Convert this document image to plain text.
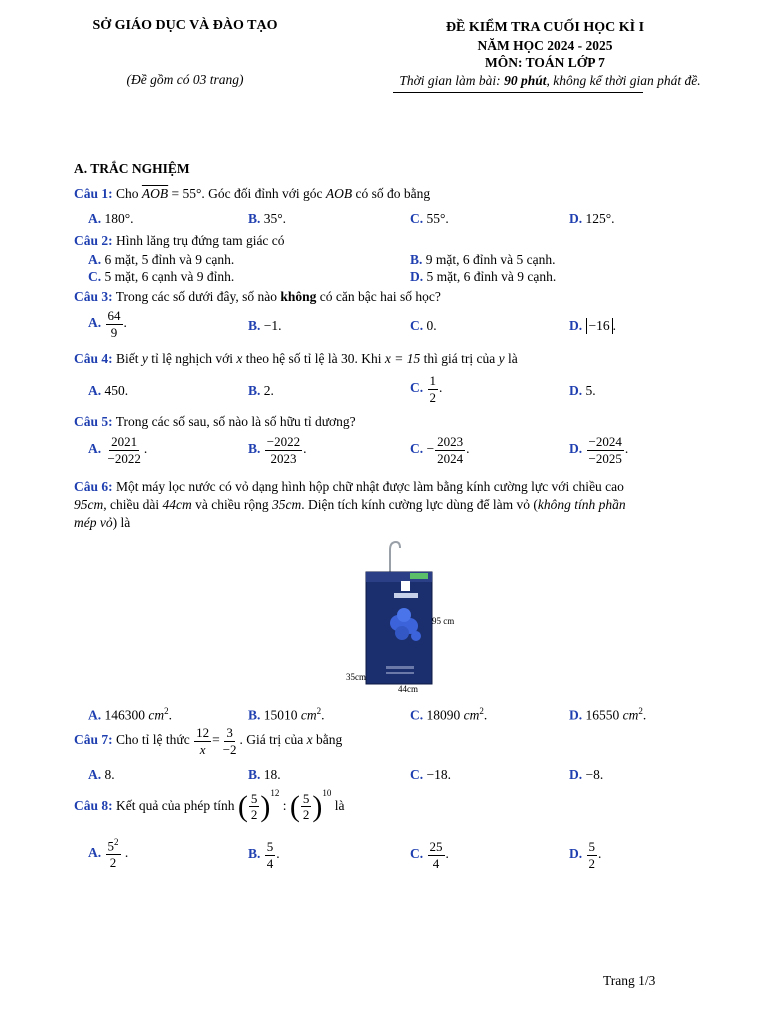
SỞ GIÁO DỤC VÀ ĐÀO TẠO
(Đề gồm có 03 trang)
ĐỀ KIỂM TRA CUỐI HỌC KÌ I
NĂM HỌC 2024 - 2025
MÔN: TOÁN LỚP 7
Thời gian làm bài: 90 phút, không kể thời gian phát đề.
A. TRẮC NGHIỆM
Câu 1: Cho $\overline{AOB} = 55^\circ$. Góc đối đỉnh với góc AOB có số đo bằng
A. 180°.	B. 35°.	C. 55°.	D. 125°.
Câu 2: Hình lăng trụ đứng tam giác có
A. 6 mặt, 5 đỉnh và 9 cạnh.	B. 9 mặt, 6 đỉnh và 5 cạnh.
C. 5 mặt, 6 cạnh và 9 đỉnh.	D. 5 mặt, 6 đỉnh và 9 cạnh.
Câu 3: Trong các số dưới đây, số nào không có căn bậc hai số học?
A. $\frac{64}{9}$ .	B. −1.	C. 0.	D. −16 .
Câu 4: Biết y tỉ lệ nghịch với x theo hệ số tỉ lệ là 30. Khi x = 15 thì giá trị của y là
A. 450.	B. 2.	C. $\frac{1}{2}$ .	D. 5.
Câu 5: Trong các số sau, số nào là số hữu tỉ dương?
A. $\frac{2021}{-2022}$ .	B. $\frac{-2022}{2023}$ .	C. − $\frac{2023}{2024}$ .	D. $\frac{-2024}{-2025}$ .
Câu 6: Một máy lọc nước có vỏ dạng hình hộp chữ nhật được làm bằng kính cường lực với chiều cao
95cm, chiều dài 44cm và chiều rộng 35cm. Diện tích kính cường lực dùng để làm vỏ (không tính phần
mép vỏ) là
95 cm
35cm
44cm
A. 146300 $cm^2$.	B. 15010 $cm^2$.	C. 18090 $cm^2$.	D. 16550 $cm^2$.
Câu 7: Cho tỉ lệ thức $\frac{12}{x} = \frac{3}{-2}$ . Giá trị của x bằng
A. 8.	B. 18.	C. −18.	D. −8.
Câu 8: Kết quả của phép tính ( $\frac{5}{2} )^{12}$ : ( $\frac{5}{2} )^{10}$ là
A. $\frac{5^2}{2}$ .	B. $\frac{5}{4}$ .	C. $\frac{25}{4}$ .	D. $\frac{5}{2}$ .
Trang 1/3
